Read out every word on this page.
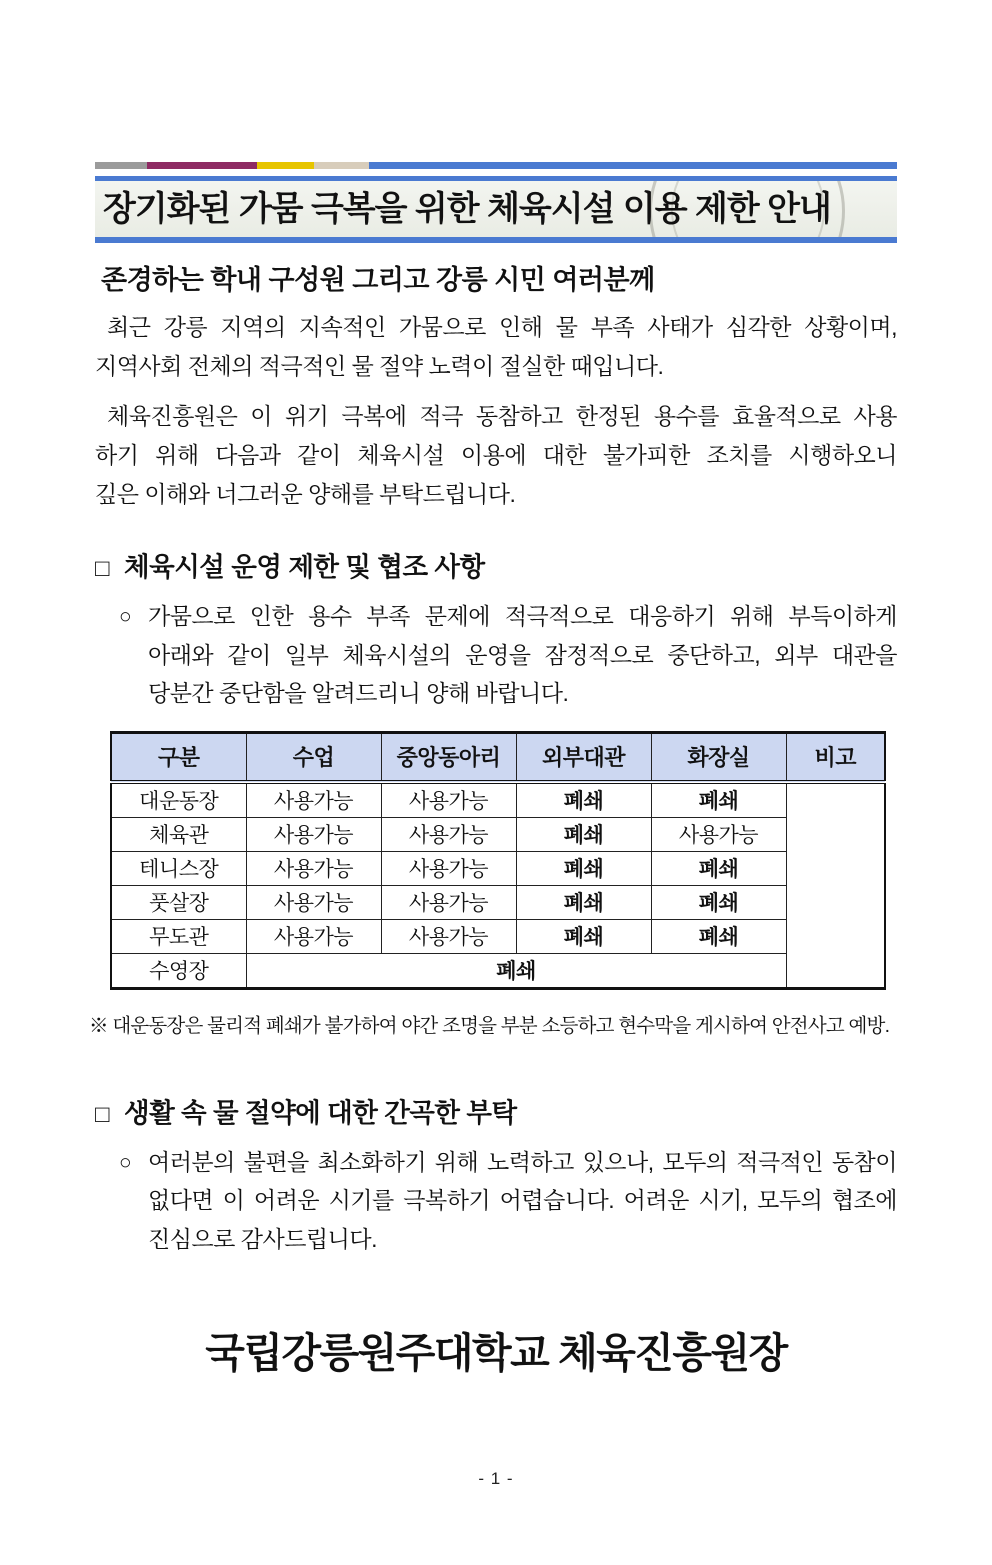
장기화된 가뭄 극복을 위한 체육시설 이용 제한 안내
존경하는 학내 구성원 그리고 강릉 시민 여러분께
최근 강릉 지역의 지속적인 가뭄으로 인해 물 부족 사태가 심각한 상황이며,
지역사회 전체의 적극적인 물 절약 노력이 절실한 때입니다.
체육진흥원은 이 위기 극복에 적극 동참하고 한정된 용수를 효율적으로 사용
하기 위해 다음과 같이 체육시설 이용에 대한 불가피한 조치를 시행하오니
깊은 이해와 너그러운 양해를 부탁드립니다.
□ 체육시설 운영 제한 및 협조 사항
○ 가뭄으로 인한 용수 부족 문제에 적극적으로 대응하기 위해 부득이하게
아래와 같이 일부 체육시설의 운영을 잠정적으로 중단하고, 외부 대관을
당분간 중단함을 알려드리니 양해 바랍니다.
구분	수업	중앙동아리	외부대관	화장실	비고
대운동장	사용가능	사용가능	폐쇄	폐쇄	
체육관	사용가능	사용가능	폐쇄	사용가능	
테니스장	사용가능	사용가능	폐쇄	폐쇄	
풋살장	사용가능	사용가능	폐쇄	폐쇄	
무도관	사용가능	사용가능	폐쇄	폐쇄	
수영장	폐쇄				
※ 대운동장은 물리적 폐쇄가 불가하여 야간 조명을 부분 소등하고 현수막을 게시하여 안전사고 예방.
□ 생활 속 물 절약에 대한 간곡한 부탁
○ 여러분의 불편을 최소화하기 위해 노력하고 있으나, 모두의 적극적인 동참이
없다면 이 어려운 시기를 극복하기 어렵습니다. 어려운 시기, 모두의 협조에
진심으로 감사드립니다.
국립강릉원주대학교 체육진흥원장
- 1 -
